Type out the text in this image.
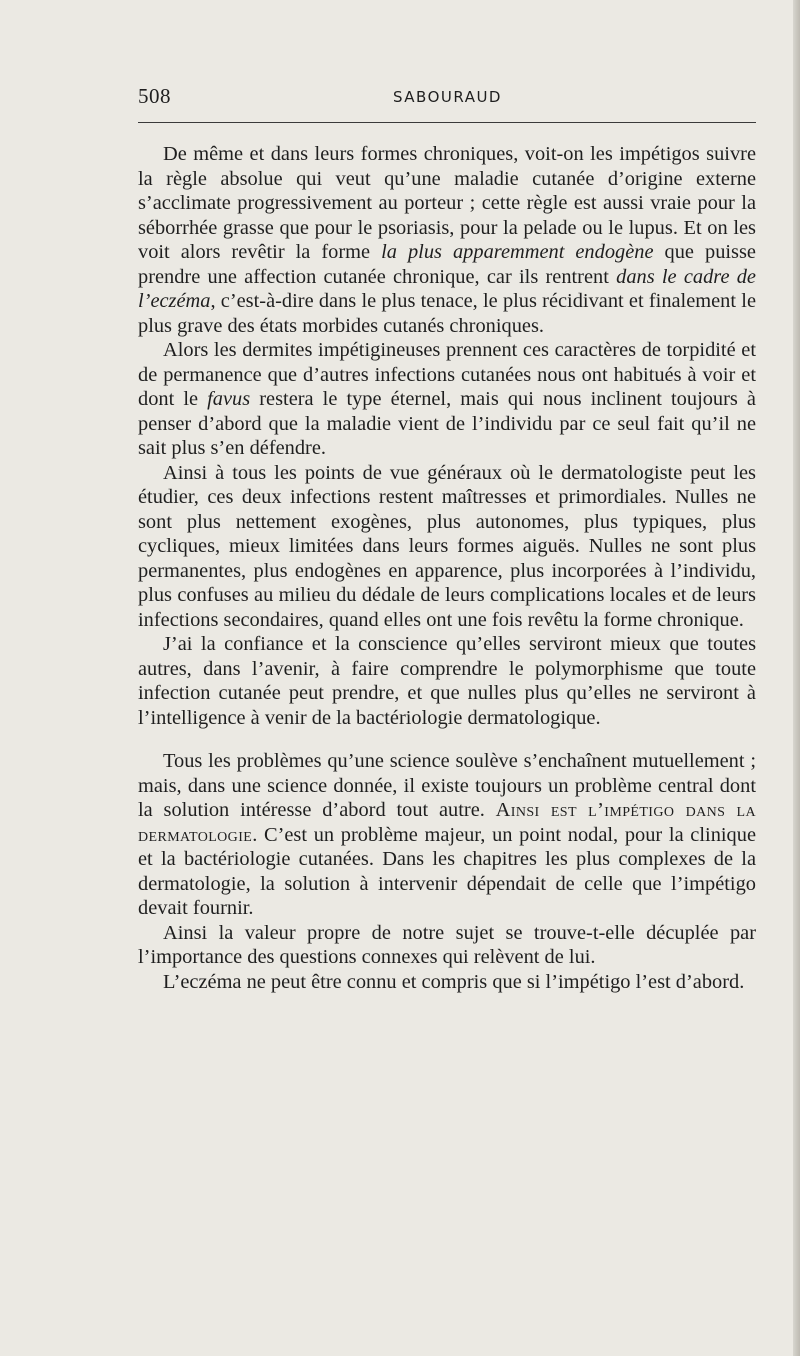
508	SABOURAUD

De même et dans leurs formes chroniques, voit-on les impétigos suivre la règle absolue qui veut qu’une maladie cutanée d’origine externe s’acclimate progressivement au porteur ; cette règle est aussi vraie pour la séborrhée grasse que pour le psoriasis, pour la pelade ou le lupus. Et on les voit alors revêtir la forme la plus apparemment endogène que puisse prendre une affection cutanée chronique, car ils rentrent dans le cadre de l’eczéma, c’est-à-dire dans le plus tenace, le plus récidivant et finalement le plus grave des états morbides cutanés chroniques.

Alors les dermites impétigineuses prennent ces caractères de torpidité et de permanence que d’autres infections cutanées nous ont habitués à voir et dont le favus restera le type éternel, mais qui nous inclinent toujours à penser d’abord que la maladie vient de l’individu par ce seul fait qu’il ne sait plus s’en défendre.

Ainsi à tous les points de vue généraux où le dermatologiste peut les étudier, ces deux infections restent maîtresses et primordiales. Nulles ne sont plus nettement exogènes, plus autonomes, plus typiques, plus cycliques, mieux limitées dans leurs formes aiguës. Nulles ne sont plus permanentes, plus endogènes en apparence, plus incorporées à l’individu, plus confuses au milieu du dédale de leurs complications locales et de leurs infections secondaires, quand elles ont une fois revêtu la forme chronique.

J’ai la confiance et la conscience qu’elles serviront mieux que toutes autres, dans l’avenir, à faire comprendre le polymorphisme que toute infection cutanée peut prendre, et que nulles plus qu’elles ne serviront à l’intelligence à venir de la bactériologie dermatologique.

Tous les problèmes qu’une science soulève s’enchaînent mutuellement ; mais, dans une science donnée, il existe toujours un problème central dont la solution intéresse d’abord tout autre. Ainsi est l’impétigo dans la dermatologie. C’est un problème majeur, un point nodal, pour la clinique et la bactériologie cutanées. Dans les chapitres les plus complexes de la dermatologie, la solution à intervenir dépendait de celle que l’impétigo devait fournir.

Ainsi la valeur propre de notre sujet se trouve-t-elle décuplée par l’importance des questions connexes qui relèvent de lui.

L’eczéma ne peut être connu et compris que si l’impétigo l’est d’abord.
